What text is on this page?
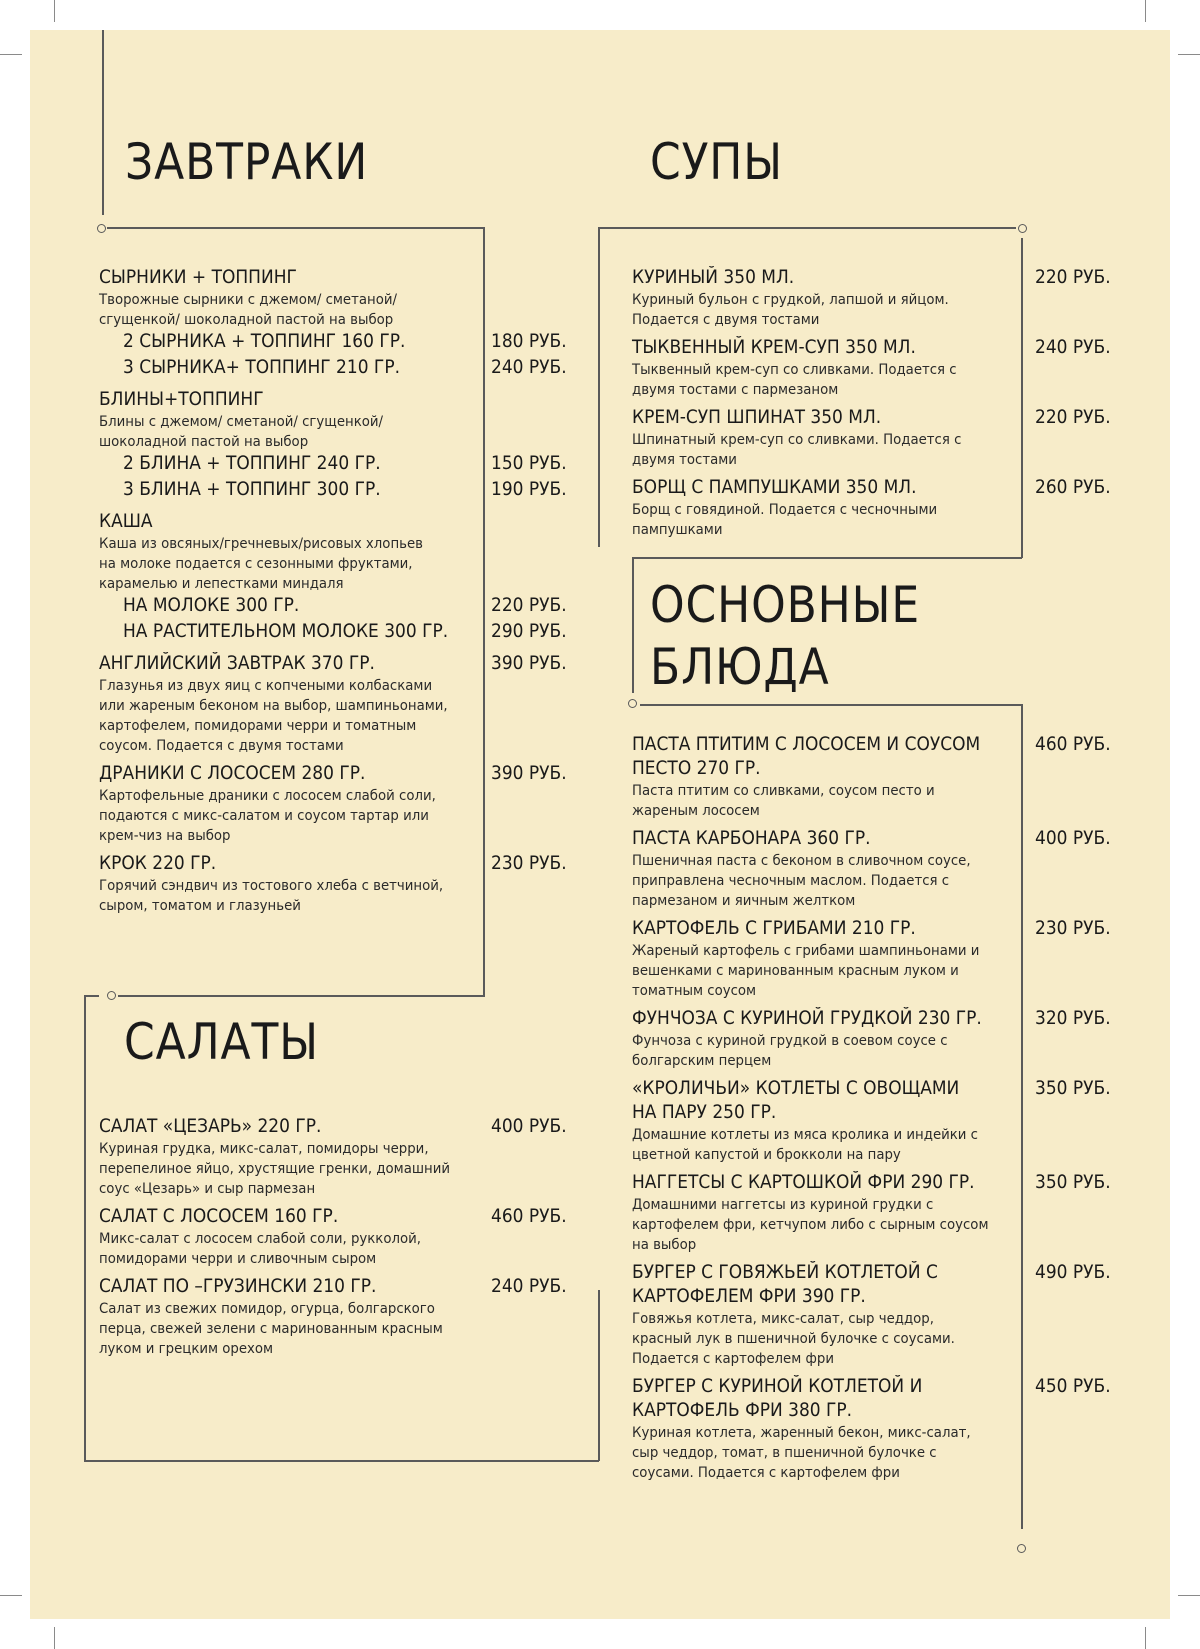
ЗАВТРАКИ	СУПЫ
ОСНОВНЫЕ
БЛЮДА
САЛАТЫ
СЫРНИКИ + ТОППИНГ
Творожные сырники с джемом/ сметаной/
сгущенкой/ шоколадной пастой на выбор
2 СЫРНИКА + ТОППИНГ 160 ГР.	180 РУБ.
3 СЫРНИКА+ ТОППИНГ 210 ГР.	240 РУБ.
БЛИНЫ+ТОППИНГ
Блины с джемом/ сметаной/ сгущенкой/
шоколадной пастой на выбор
2 БЛИНА + ТОППИНГ 240 ГР.	150 РУБ.
3 БЛИНА + ТОППИНГ 300 ГР.	190 РУБ.
КАША
Каша из овсяных/гречневых/рисовых хлопьев
на молоке подается с сезонными фруктами,
карамелью и лепестками миндаля
НА МОЛОКЕ 300 ГР.	220 РУБ.
НА РАСТИТЕЛЬНОМ МОЛОКЕ 300 ГР. 290 РУБ.
АНГЛИЙСКИЙ ЗАВТРАК 370 ГР.	390 РУБ.
Глазунья из двух яиц с копчеными колбасками
или жареным беконом на выбор, шампиньонами,
картофелем, помидорами черри и томатным
соусом. Подается с двумя тостами
ДРАНИКИ С ЛОСОСЕМ 280 ГР.	390 РУБ.
Картофельные драники с лососем слабой соли,
подаются с микс-салатом и соусом тартар или
крем-чиз на выбор
КРОК 220 ГР.	230 РУБ.
Горячий сэндвич из тостового хлеба с ветчиной,
сыром, томатом и глазуньей
САЛАТ «ЦЕЗАРЬ» 220 ГР.	400 РУБ.
Куриная грудка, микс-салат, помидоры черри,
перепелиное яйцо, хрустящие гренки, домашний
соус «Цезарь» и сыр пармезан
САЛАТ С ЛОСОСЕМ 160 ГР.	460 РУБ.
Микс-салат с лососем слабой соли, рукколой,
помидорами черри и сливочным сыром
САЛАТ ПО –ГРУЗИНСКИ 210 ГР.	240 РУБ.
Салат из свежих помидор, огурца, болгарского
перца, свежей зелени с маринованным красным
луком и грецким орехом
КУРИНЫЙ 350 МЛ.	220 РУБ.
Куриный бульон с грудкой, лапшой и яйцом.
Подается с двумя тостами
ТЫКВЕННЫЙ КРЕМ-СУП 350 МЛ.	240 РУБ.
Тыквенный крем-суп со сливками. Подается с
двумя тостами с пармезаном
КРЕМ-СУП ШПИНАТ 350 МЛ.	220 РУБ.
Шпинатный крем-суп со сливками. Подается с
двумя тостами
БОРЩ С ПАМПУШКАМИ 350 МЛ.	260 РУБ.
Борщ с говядиной. Подается с чесночными
пампушками
ПАСТА ПТИТИМ С ЛОСОСЕМ И СОУСОМ
ПЕСТО 270 ГР.
460 РУБ.
Паста птитим со сливками, соусом песто и
жареным лососем
ПАСТА КАРБОНАРА 360 ГР.	400 РУБ.
Пшеничная паста с беконом в сливочном соусе,
приправлена чесночным маслом. Подается с
пармезаном и яичным желтком
КАРТОФЕЛЬ С ГРИБАМИ 210 ГР.	230 РУБ.
Жареный картофель с грибами шампиньонами и
вешенками с маринованным красным луком и
томатным соусом
ФУНЧОЗА С КУРИНОЙ ГРУДКОЙ 230 ГР.	320 РУБ.
Фунчоза с куриной грудкой в соевом соусе с
болгарским перцем
«КРОЛИЧЬИ» КОТЛЕТЫ С ОВОЩАМИ
НА ПАРУ 250 ГР.
350 РУБ.
Домашние котлеты из мяса кролика и индейки с
цветной капустой и брокколи на пару
НАГГЕТСЫ С КАРТОШКОЙ ФРИ 290 ГР.	350 РУБ.
Домашними наггетсы из куриной грудки с
картофелем фри, кетчупом либо с сырным соусом
на выбор
БУРГЕР С ГОВЯЖЬЕЙ КОТЛЕТОЙ С
КАРТОФЕЛЕМ ФРИ 390 ГР.
490 РУБ.
Говяжья котлета, микс-салат, сыр чеддор,
красный лук в пшеничной булочке с соусами.
Подается с картофелем фри
БУРГЕР С КУРИНОЙ КОТЛЕТОЙ И
КАРТОФЕЛЬ ФРИ 380 ГР.
450 РУБ.
Куриная котлета, жаренный бекон, микс-салат,
сыр чеддор, томат, в пшеничной булочке с
соусами. Подается с картофелем фри
